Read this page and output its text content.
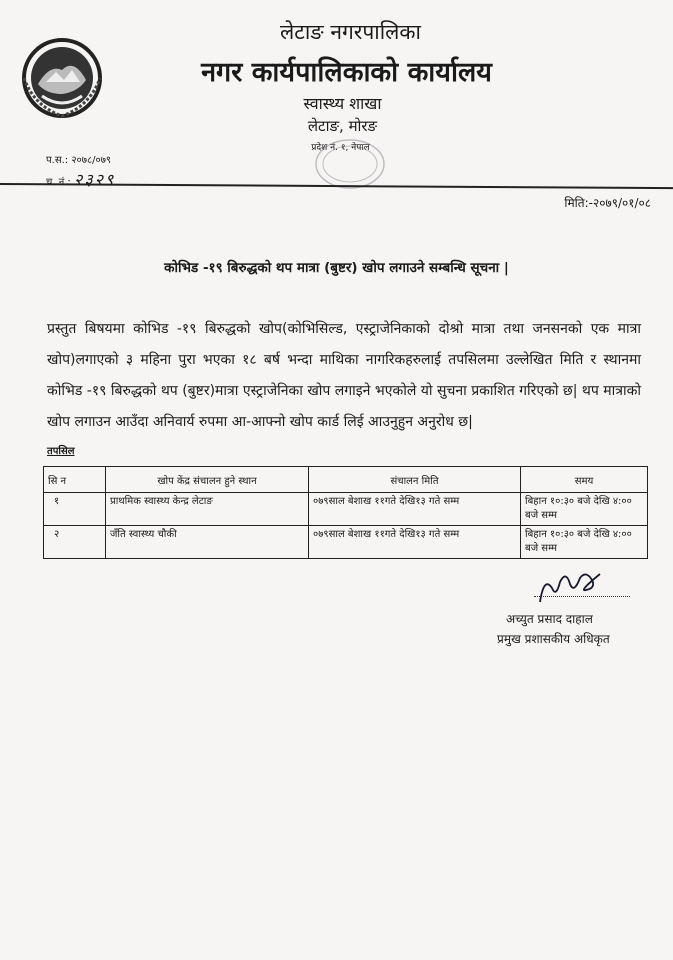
लेटाङ नगरपालिका
नगर कार्यपालिकाको कार्यालय
स्वास्थ्य शाखा
लेटाङ, मोरङ
प्रदेश नं. १, नेपाल
प.स.: २०७८/०७९
च. नं.: २३२९
मिति:-२०७९/०१/०८
कोभिड -१९ बिरुद्धको थप मात्रा (बुष्टर) खोप लगाउने सम्बन्धि सूचना |
प्रस्तुत बिषयमा कोभिड -१९ बिरुद्धको खोप(कोभिसिल्ड, एस्ट्राजेनिकाको दोश्रो मात्रा तथा जनसनको एक मात्रा खोप)लगाएको ३ महिना पुरा भएका १८ बर्ष भन्दा माथिका नागरिकहरुलाई तपसिलमा उल्लेखित मिति र स्थानमा कोभिड -१९ बिरुद्धको थप (बुष्टर)मात्रा एस्ट्राजेनिका खोप लगाइने भएकोले यो सुचना प्रकाशित गरिएको छ| थप मात्राको खोप लगाउन आउँदा अनिवार्य रुपमा आ-आफ्नो खोप कार्ड लिई आउनुहुन अनुरोध छ|
तपसिल
सि न	खोप केंद्र संचालन हुने स्थान	संचालन मिति	समय
१	प्राथमिक स्वास्थ्य केन्द्र लेटाङ	०७९साल बेशाख ११गते देखि१३ गते सम्म	बिहान १०:३० बजे देखि ४:०० बजे सम्म
२	जँति स्वास्थ्य चौकी	०७९साल बेशाख ११गते देखि१३ गते सम्म	बिहान १०:३० बजे देखि ४:०० बजे सम्म
अच्युत प्रसाद दाहाल
प्रमुख प्रशासकीय अधिकृत
